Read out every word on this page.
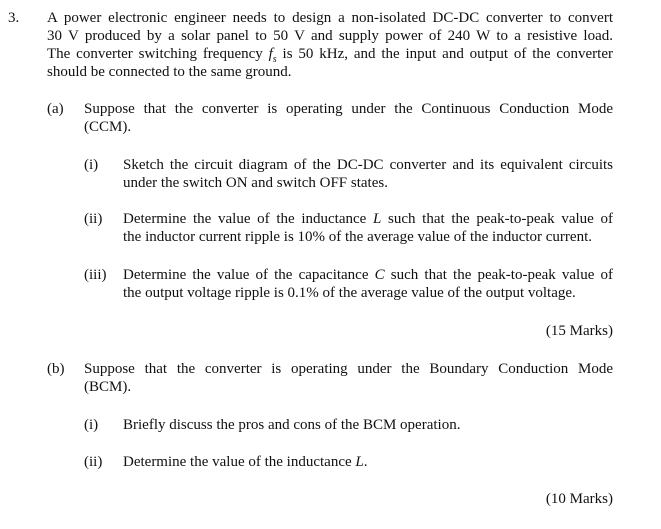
3. A power electronic engineer needs to design a non-isolated DC-DC converter to convert
30 V produced by a solar panel to 50 V and supply power of 240 W to a resistive load.
The converter switching frequency $f_s$ is 50 kHz, and the input and output of the converter
should be connected to the same ground.
(a) Suppose that the converter is operating under the Continuous Conduction Mode
(CCM).
(i) Sketch the circuit diagram of the DC-DC converter and its equivalent circuits
under the switch ON and switch OFF states.
(ii) Determine the value of the inductance L such that the peak-to-peak value of
the inductor current ripple is 10% of the average value of the inductor current.
(iii) Determine the value of the capacitance C such that the peak-to-peak value of
the output voltage ripple is 0.1% of the average value of the output voltage.
(15 Marks)
(b) Suppose that the converter is operating under the Boundary Conduction Mode
(BCM).
(i) Briefly discuss the pros and cons of the BCM operation.
(ii) Determine the value of the inductance L.
(10 Marks)
